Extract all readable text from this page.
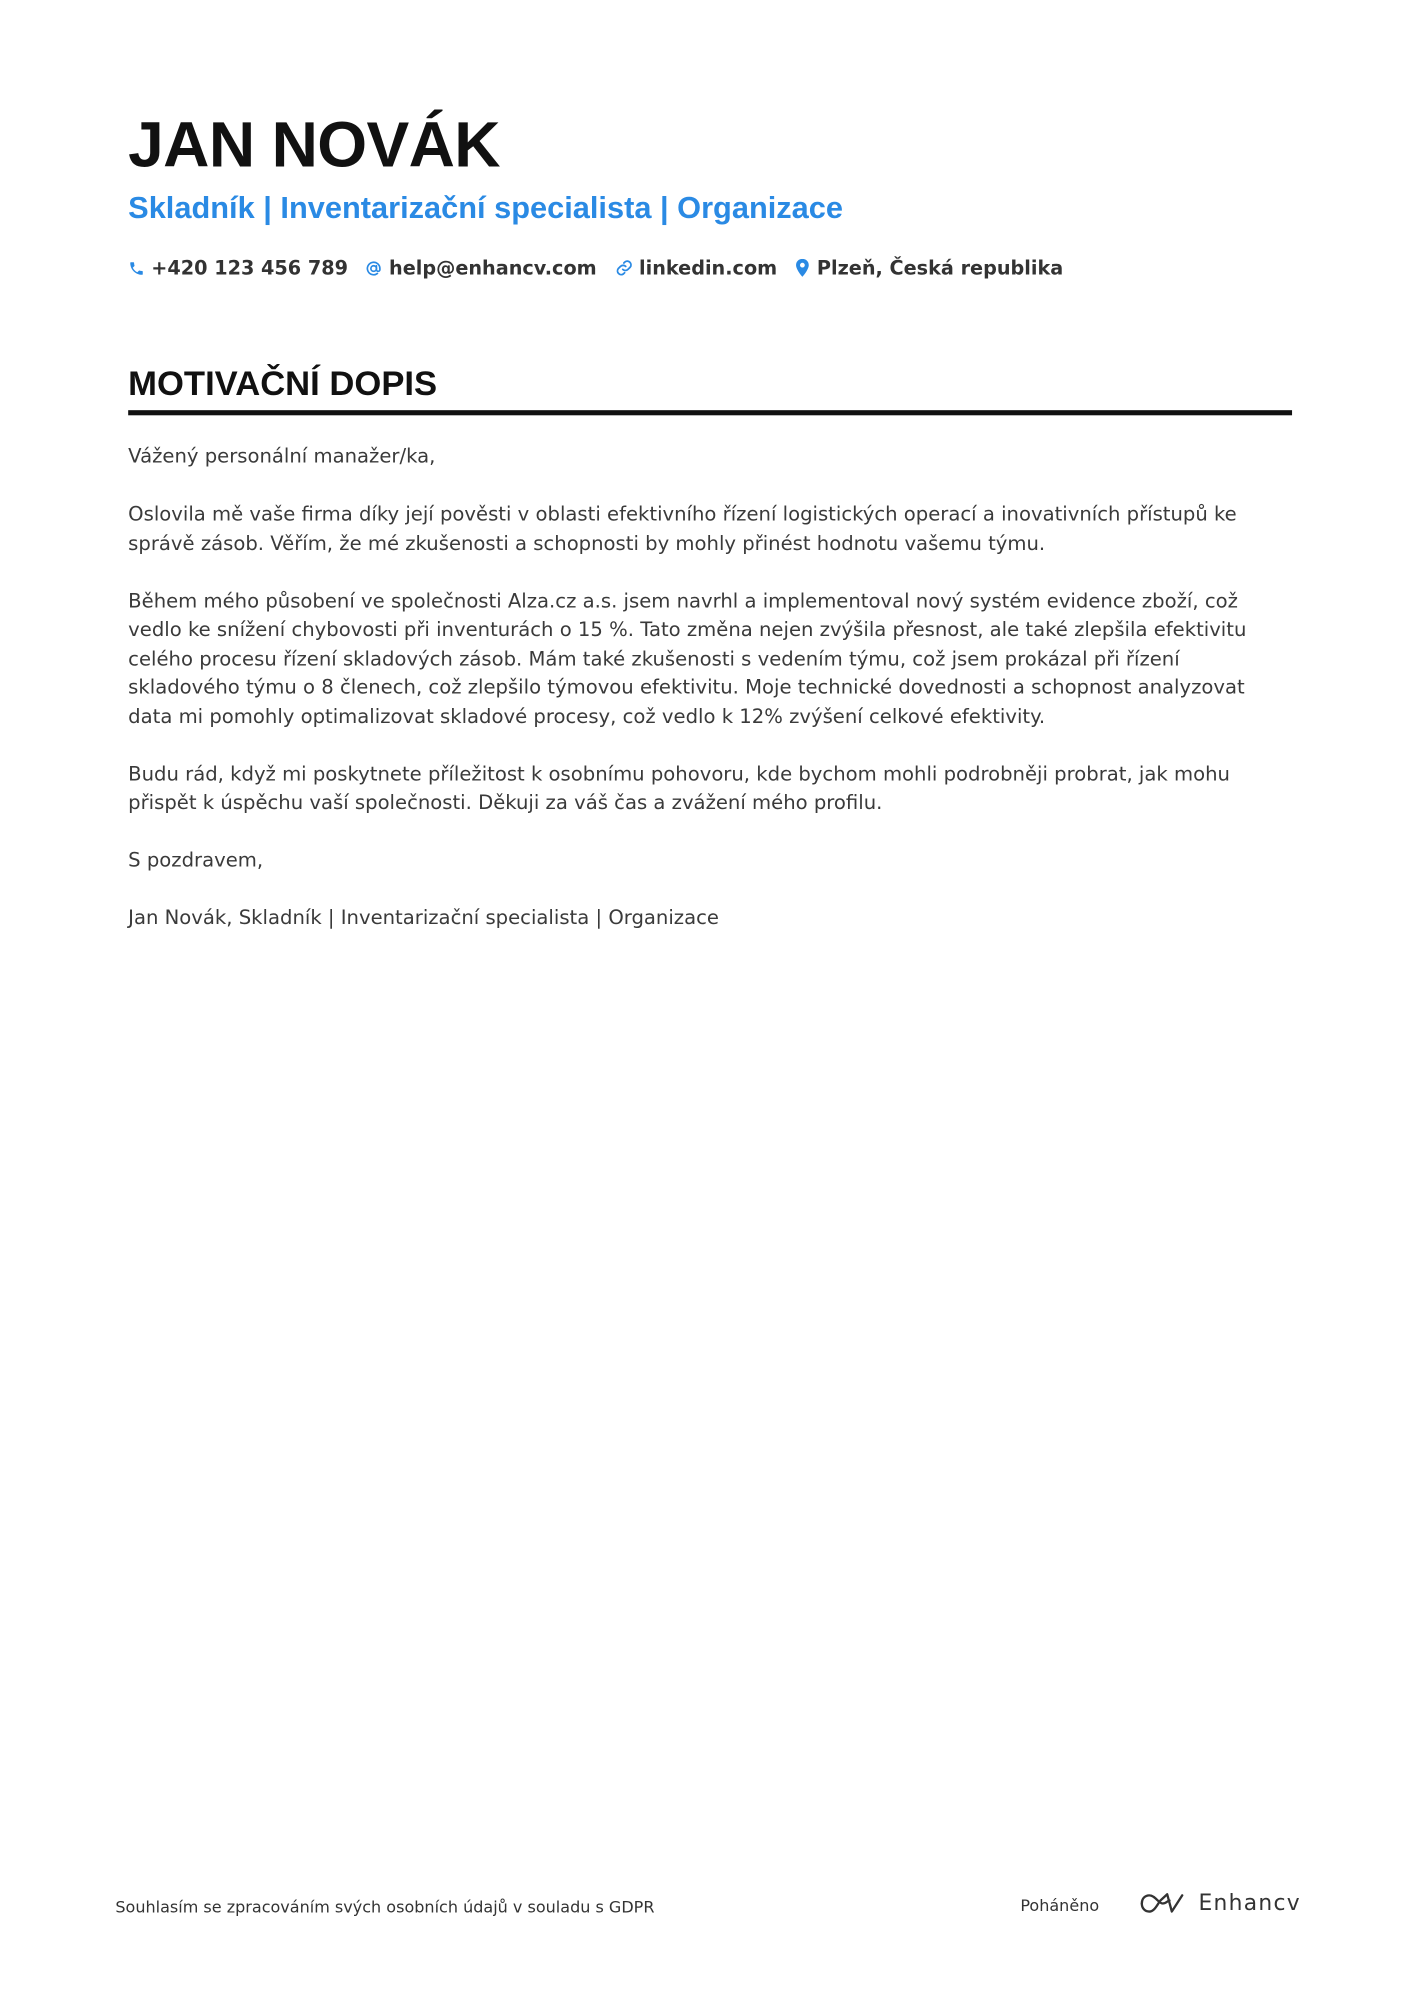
JAN NOVÁK
Skladník | Inventarizační specialista | Organizace
+420 123 456 789	help@enhancv.com	linkedin.com	Plzeň, Česká republika
MOTIVAČNÍ DOPIS

Vážený personální manažer/ka,

Oslovila mě vaše firma díky její pověsti v oblasti efektivního řízení logistických operací a inovativních přístupů ke správě zásob. Věřím, že mé zkušenosti a schopnosti by mohly přinést hodnotu vašemu týmu.

Během mého působení ve společnosti Alza.cz a.s. jsem navrhl a implementoval nový systém evidence zboží, což vedlo ke snížení chybovosti při inventurách o 15 %. Tato změna nejen zvýšila přesnost, ale také zlepšila efektivitu celého procesu řízení skladových zásob. Mám také zkušenosti s vedením týmu, což jsem prokázal při řízení skladového týmu o 8 členech, což zlepšilo týmovou efektivitu. Moje technické dovednosti a schopnost analyzovat data mi pomohly optimalizovat skladové procesy, což vedlo k 12% zvýšení celkové efektivity.

Budu rád, když mi poskytnete příležitost k osobnímu pohovoru, kde bychom mohli podrobněji probrat, jak mohu přispět k úspěchu vaší společnosti. Děkuji za váš čas a zvážení mého profilu.

S pozdravem,

Jan Novák, Skladník | Inventarizační specialista | Organizace

Souhlasím se zpracováním svých osobních údajů v souladu s GDPR	Poháněno	Enhancv
